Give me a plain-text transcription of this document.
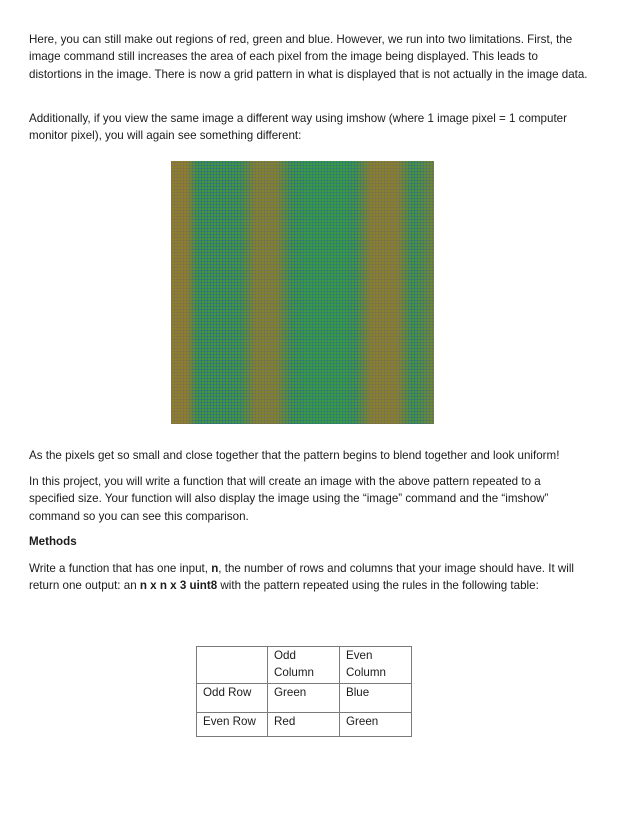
Here, you can still make out regions of red, green and blue. However, we run into two limitations. First, the image command still increases the area of each pixel from the image being displayed. This leads to distortions in the image. There is now a grid pattern in what is displayed that is not actually in the image data.

Additionally, if you view the same image a different way using imshow (where 1 image pixel = 1 computer monitor pixel), you will again see something different:

As the pixels get so small and close together that the pattern begins to blend together and look uniform!

In this project, you will write a function that will create an image with the above pattern repeated to a specified size. Your function will also display the image using the “image” command and the “imshow” command so you can see this comparison.

Methods

Write a function that has one input, n, the number of rows and columns that your image should have. It will return one output: an n x n x 3 uint8 with the pattern repeated using the rules in the following table:

	Odd Column	Even Column
Odd Row	Green	Blue
Even Row	Red	Green
